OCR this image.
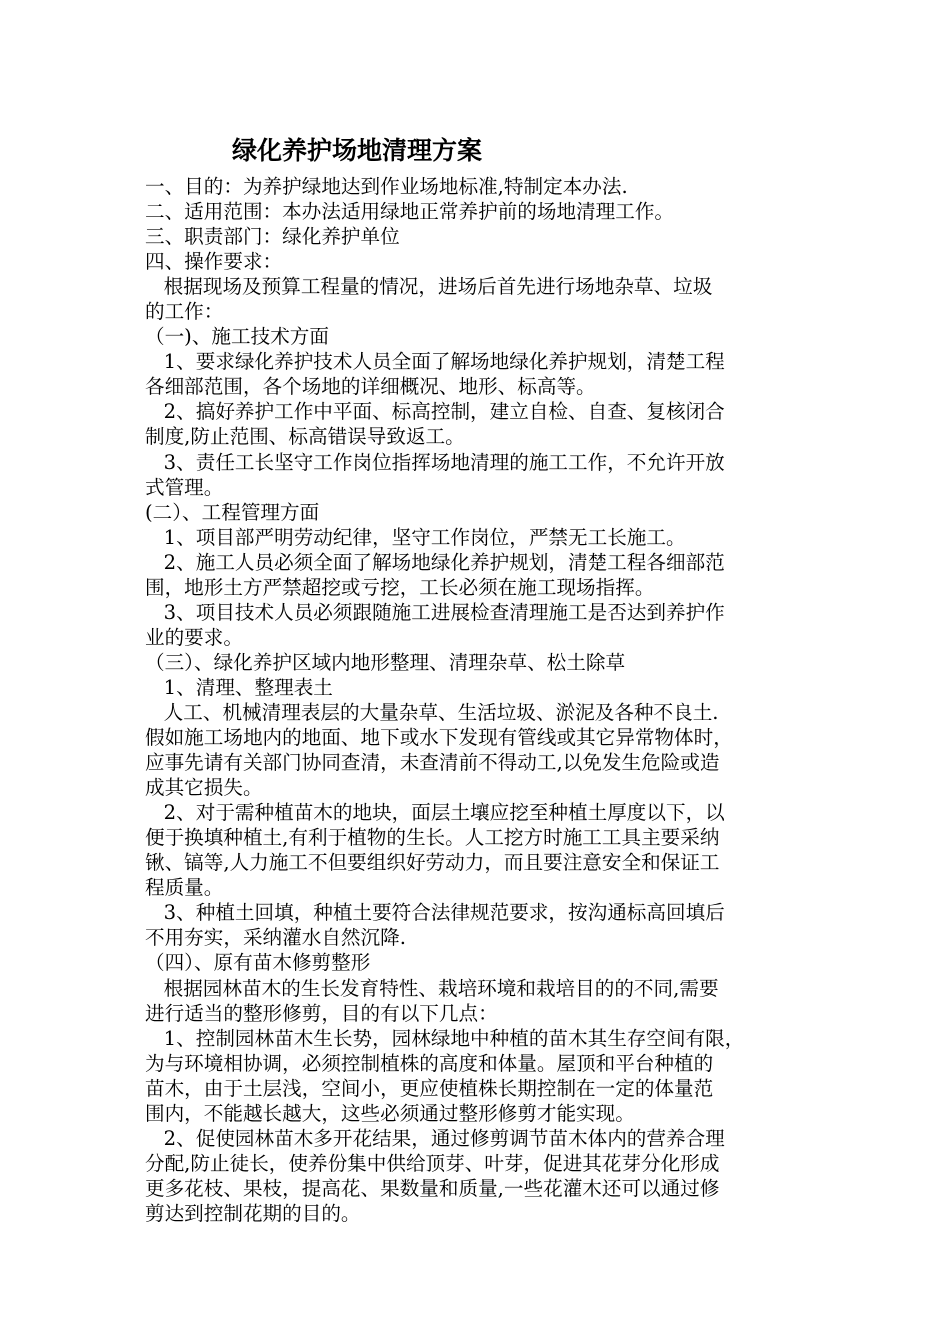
绿化养护场地清理方案
一、目的：为养护绿地达到作业场地标准,特制定本办法.
二、适用范围：本办法适用绿地正常养护前的场地清理工作。
三、职责部门：绿化养护单位
四、操作要求：
根据现场及预算工程量的情况，进场后首先进行场地杂草、垃圾
的工作：
（一)、施工技术方面
1、要求绿化养护技术人员全面了解场地绿化养护规划，清楚工程
各细部范围，各个场地的详细概况、地形、标高等。
2、搞好养护工作中平面、标高控制，建立自检、自查、复核闭合
制度,防止范围、标高错误导致返工。
3、责任工长坚守工作岗位指挥场地清理的施工工作，不允许开放
式管理。
(二）、工程管理方面
1、项目部严明劳动纪律，坚守工作岗位，严禁无工长施工。
2、施工人员必须全面了解场地绿化养护规划，清楚工程各细部范
围，地形土方严禁超挖或亏挖，工长必须在施工现场指挥。
3、项目技术人员必须跟随施工进展检查清理施工是否达到养护作
业的要求。
（三）、绿化养护区域内地形整理、清理杂草、松土除草
1、清理、整理表土
人工、机械清理表层的大量杂草、生活垃圾、淤泥及各种不良土.
假如施工场地内的地面、地下或水下发现有管线或其它异常物体时，
应事先请有关部门协同查清，未查清前不得动工,以免发生危险或造
成其它损失。
2、对于需种植苗木的地块，面层土壤应挖至种植土厚度以下，以
便于换填种植土,有利于植物的生长。人工挖方时施工工具主要采纳
锹、镐等,人力施工不但要组织好劳动力，而且要注意安全和保证工
程质量。
3、种植土回填，种植土要符合法律规范要求，按沟通标高回填后
不用夯实，采纳灌水自然沉降.
（四）、原有苗木修剪整形
根据园林苗木的生长发育特性、栽培环境和栽培目的的不同,需要
进行适当的整形修剪，目的有以下几点：
1、控制园林苗木生长势，园林绿地中种植的苗木其生存空间有限，
为与环境相协调，必须控制植株的高度和体量。屋顶和平台种植的
苗木，由于土层浅，空间小，更应使植株长期控制在一定的体量范
围内，不能越长越大，这些必须通过整形修剪才能实现。
2、促使园林苗木多开花结果，通过修剪调节苗木体内的营养合理
分配,防止徒长，使养份集中供给顶芽、叶芽，促进其花芽分化形成
更多花枝、果枝，提高花、果数量和质量,一些花灌木还可以通过修
剪达到控制花期的目的。
